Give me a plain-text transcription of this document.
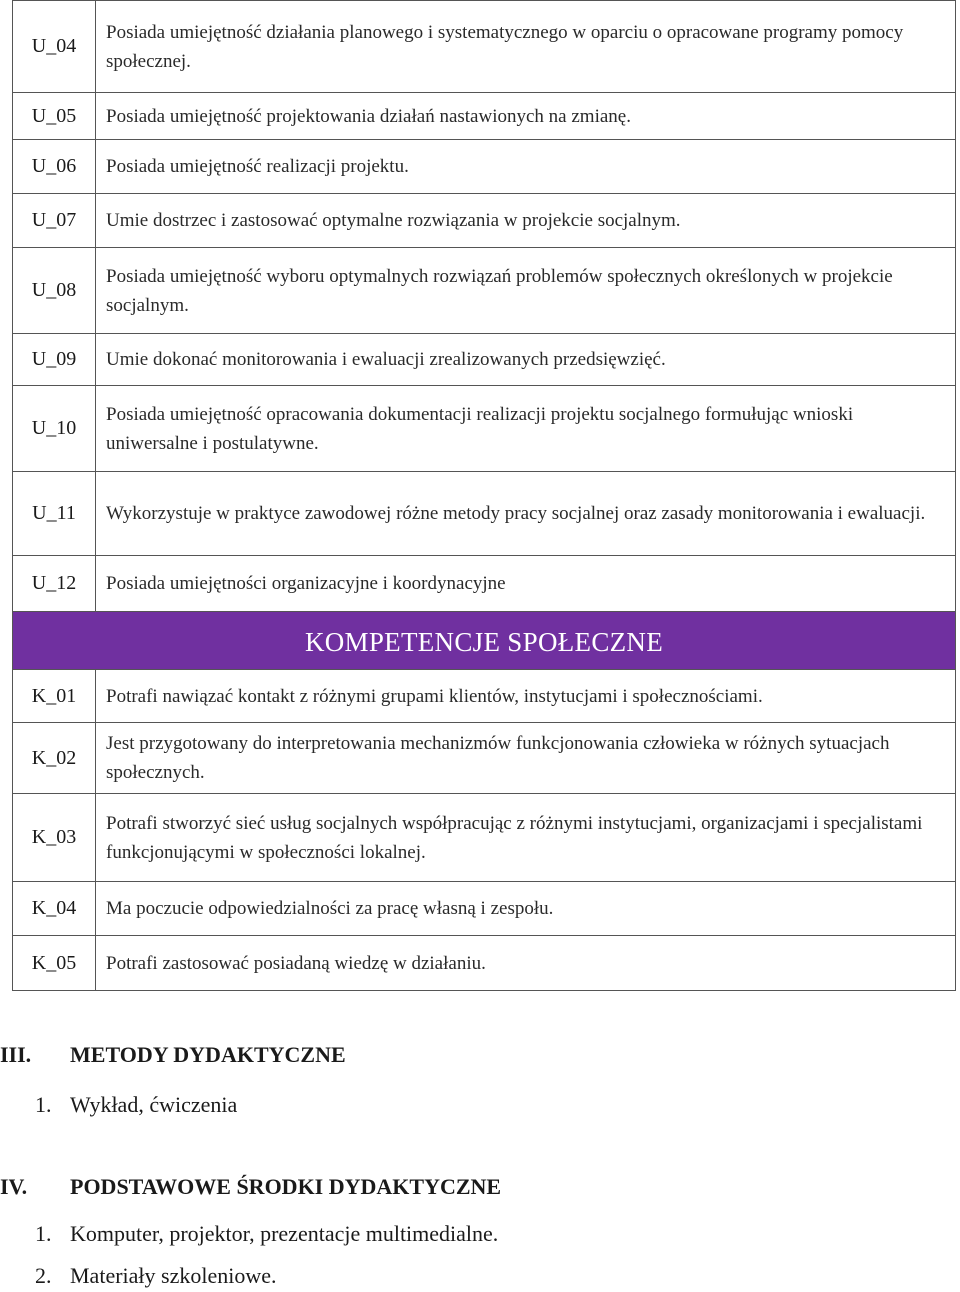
U_04	Posiada umiejętność działania planowego i systematycznego w oparciu o opracowane programy pomocy społecznej.
U_05	Posiada umiejętność projektowania działań nastawionych na zmianę.
U_06	Posiada umiejętność realizacji projektu.
U_07	Umie dostrzec i zastosować optymalne rozwiązania w projekcie socjalnym.
U_08	Posiada umiejętność wyboru optymalnych rozwiązań problemów społecznych określonych w projekcie socjalnym.
U_09	Umie dokonać monitorowania i ewaluacji zrealizowanych przedsięwzięć.
U_10	Posiada umiejętność opracowania dokumentacji realizacji projektu socjalnego formułując wnioski uniwersalne i postulatywne.
U_11	Wykorzystuje w praktyce zawodowej różne metody pracy socjalnej oraz zasady monitorowania i ewaluacji.
U_12	Posiada umiejętności organizacyjne i koordynacyjne
KOMPETENCJE SPOŁECZNE	
K_01	Potrafi nawiązać kontakt z różnymi grupami klientów, instytucjami i społecznościami.
K_02	Jest przygotowany do interpretowania mechanizmów funkcjonowania człowieka w różnych sytuacjach społecznych.
K_03	Potrafi stworzyć sieć usług socjalnych współpracując z różnymi instytucjami, organizacjami i specjalistami funkcjonującymi w społeczności lokalnej.
K_04	Ma poczucie odpowiedzialności za pracę własną i zespołu.
K_05	Potrafi zastosować posiadaną wiedzę w działaniu.
III. METODY DYDAKTYCZNE
1. Wykład, ćwiczenia
IV. PODSTAWOWE ŚRODKI DYDAKTYCZNE
1. Komputer, projektor, prezentacje multimedialne.
2. Materiały szkoleniowe.
